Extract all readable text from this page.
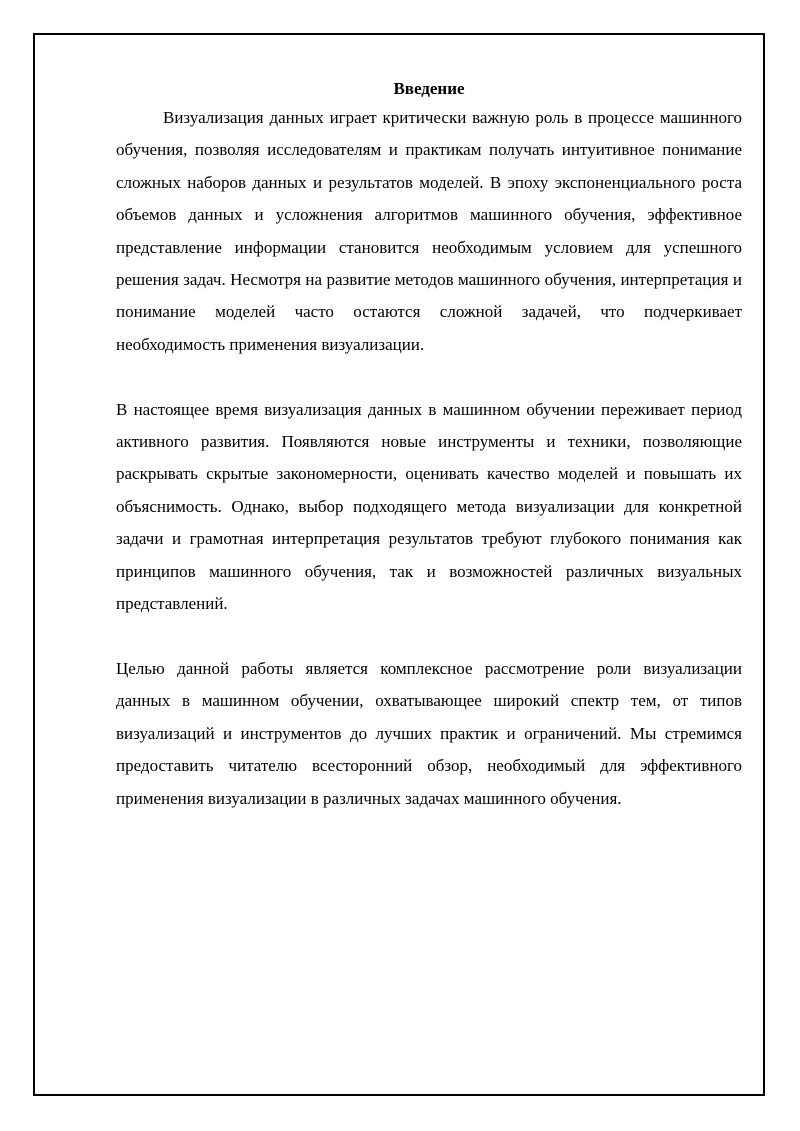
Введение

Визуализация данных играет критически важную роль в процессе машинного обучения, позволяя исследователям и практикам получать интуитивное понимание сложных наборов данных и результатов моделей. В эпоху экспоненциального роста объемов данных и усложнения алгоритмов машинного обучения, эффективное представление информации становится необходимым условием для успешного решения задач. Несмотря на развитие методов машинного обучения, интерпретация и понимание моделей часто остаются сложной задачей, что подчеркивает необходимость применения визуализации.

В настоящее время визуализация данных в машинном обучении переживает период активного развития. Появляются новые инструменты и техники, позволяющие раскрывать скрытые закономерности, оценивать качество моделей и повышать их объяснимость. Однако, выбор подходящего метода визуализации для конкретной задачи и грамотная интерпретация результатов требуют глубокого понимания как принципов машинного обучения, так и возможностей различных визуальных представлений.

Целью данной работы является комплексное рассмотрение роли визуализации данных в машинном обучении, охватывающее широкий спектр тем, от типов визуализаций и инструментов до лучших практик и ограничений. Мы стремимся предоставить читателю всесторонний обзор, необходимый для эффективного применения визуализации в различных задачах машинного обучения.
